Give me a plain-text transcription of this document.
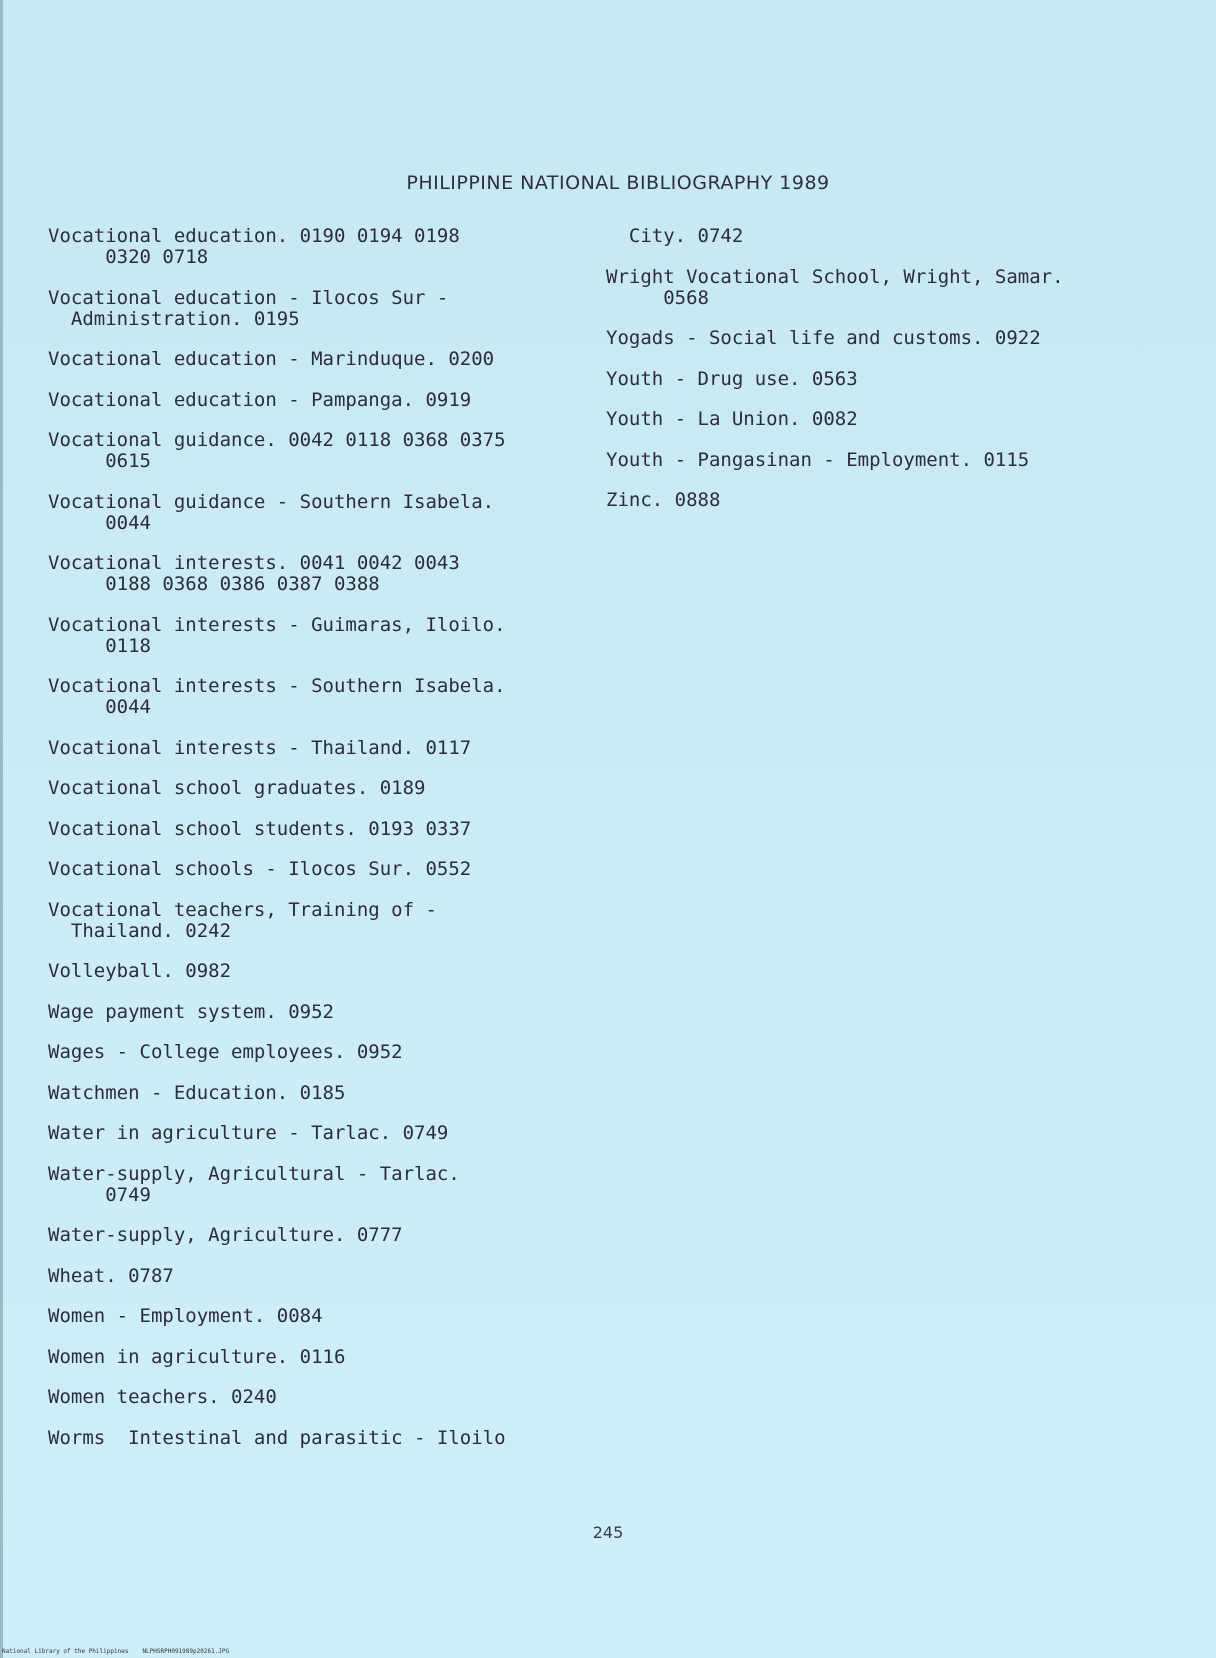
PHILIPPINE NATIONAL BIBLIOGRAPHY 1989
Vocational education. 0190 0194 0198
0320 0718
Vocational education - Ilocos Sur -
Administration. 0195
Vocational education - Marinduque. 0200
Vocational education - Pampanga. 0919
Vocational guidance. 0042 0118 0368 0375
0615
Vocational guidance - Southern Isabela.
0044
Vocational interests. 0041 0042 0043
0188 0368 0386 0387 0388
Vocational interests - Guimaras, Iloilo.
0118
Vocational interests - Southern Isabela.
0044
Vocational interests - Thailand. 0117
Vocational school graduates. 0189
Vocational school students. 0193 0337
Vocational schools - Ilocos Sur. 0552
Vocational teachers, Training of -
Thailand. 0242
Volleyball. 0982
Wage payment system. 0952
Wages - College employees. 0952
Watchmen - Education. 0185
Water in agriculture - Tarlac. 0749
Water-supply, Agricultural - Tarlac.
0749
Water-supply, Agriculture. 0777
Wheat. 0787
Women - Employment. 0084
Women in agriculture. 0116
Women teachers. 0240
Worms  Intestinal and parasitic - Iloilo
City. 0742
Wright Vocational School, Wright, Samar.
0568
Yogads - Social life and customs. 0922
Youth - Drug use. 0563
Youth - La Union. 0082
Youth - Pangasinan - Employment. 0115
Zinc. 0888
245
National Library of the Philippines NLPHSRPH091989p20261.JPG
